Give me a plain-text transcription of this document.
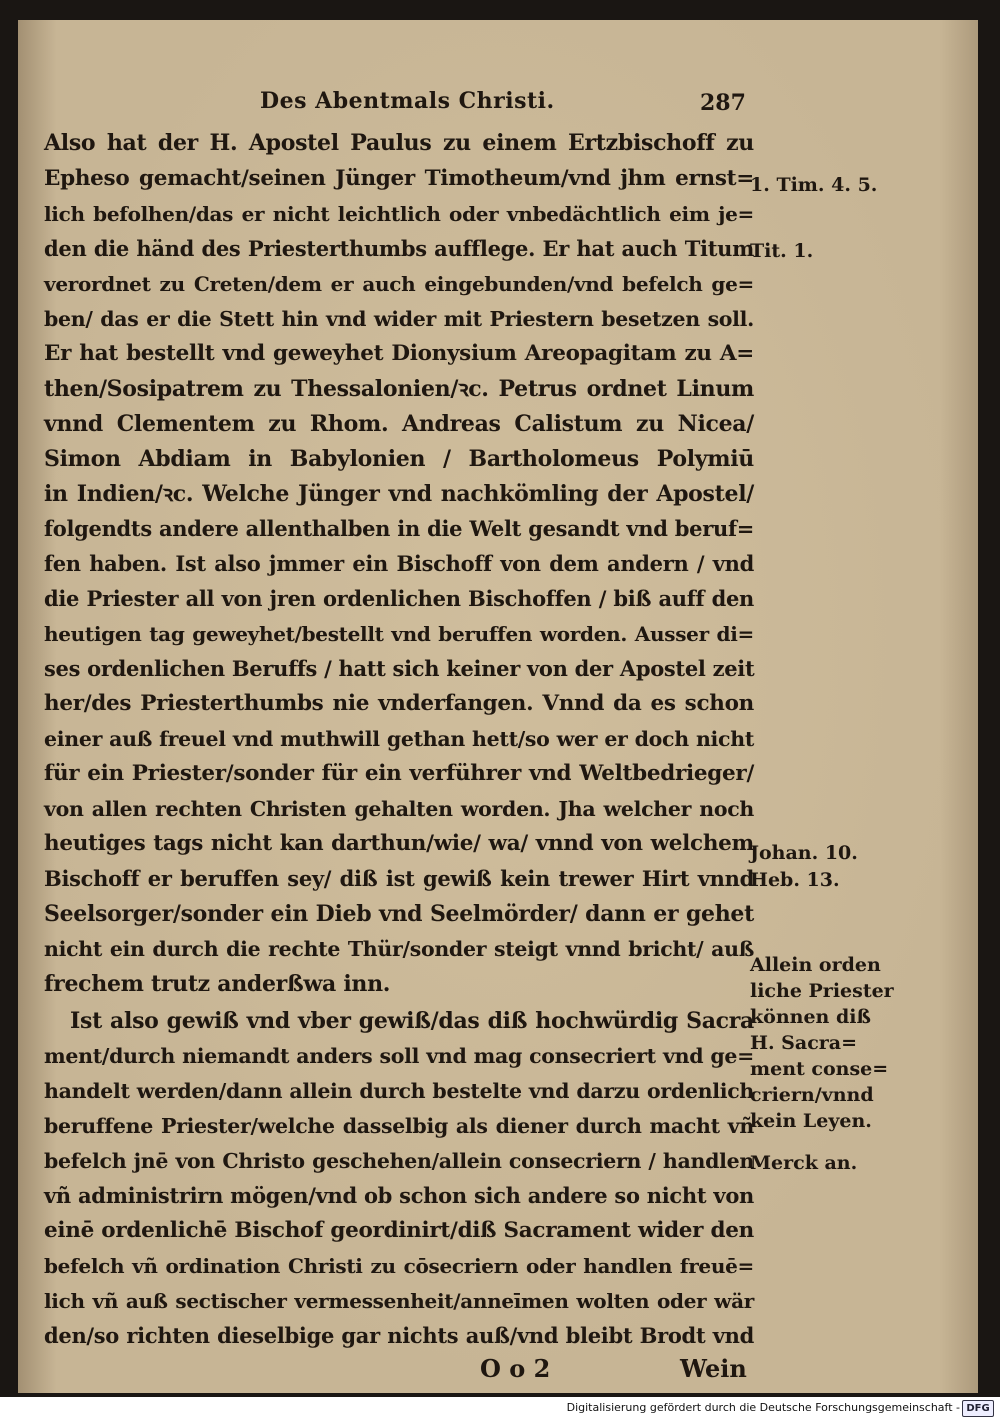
Des Abentmals Christi.	287
Also hat der H. Apostel Paulus zu einem Ertzbischoff zu
Epheso gemacht/seinen Jünger Timotheum/vnd jhm ernst=
lich befolhen/das er nicht leichtlich oder vnbedächtlich eim je=
den die händ des Priesterthumbs aufflege. Er hat auch Titum
verordnet zu Creten/dem er auch eingebunden/vnd befelch ge=
ben/ das er die Stett hin vnd wider mit Priestern besetzen soll.
Er hat bestellt vnd geweyhet Dionysium Areopagitam zu A=
then/Sosipatrem zu Thessalonien/ꝛc. Petrus ordnet Linum
vnnd Clementem zu Rhom. Andreas Calistum zu Nicea/
Simon Abdiam in Babylonien / Bartholomeus Polymiū
in Indien/ꝛc. Welche Jünger vnd nachkömling der Apostel/
folgendts andere allenthalben in die Welt gesandt vnd beruf=
fen haben. Ist also jmmer ein Bischoff von dem andern / vnd
die Priester all von jren ordenlichen Bischoffen / biß auff den
heutigen tag geweyhet/bestellt vnd beruffen worden. Ausser di=
ses ordenlichen Beruffs / hatt sich keiner von der Apostel zeit
her/des Priesterthumbs nie vnderfangen. Vnnd da es schon
einer auß freuel vnd muthwill gethan hett/so wer er doch nicht
für ein Priester/sonder für ein verführer vnd Weltbedrieger/
von allen rechten Christen gehalten worden. Jha welcher noch
heutiges tags nicht kan darthun/wie/ wa/ vnnd von welchem
Bischoff er beruffen sey/ diß ist gewiß kein trewer Hirt vnnd
Seelsorger/sonder ein Dieb vnd Seelmörder/ dann er gehet
nicht ein durch die rechte Thür/sonder steigt vnnd bricht/ auß
frechem trutz anderßwa inn.
Ist also gewiß vnd vber gewiß/das diß hochwürdig Sacra
ment/durch niemandt anders soll vnd mag consecriert vnd ge=
handelt werden/dann allein durch bestelte vnd darzu ordenlich
beruffene Priester/welche dasselbig als diener durch macht vñ
befelch jnē von Christo geschehen/allein consecriern / handlen
vñ administrirn mögen/vnd ob schon sich andere so nicht von
einē ordenlichē Bischof geordinirt/diß Sacrament wider den
befelch vñ ordination Christi zu cōsecriern oder handlen freuē=
lich vñ auß sectischer vermessenheit/anneīmen wolten oder wär
den/so richten dieselbige gar nichts auß/vnd bleibt Brodt vnd
1. Tim. 4. 5.
Tit. 1.
Johan. 10.
Heb. 13.
Allein orden
liche Priester
können diß
H. Sacra=
ment conse=
criern/vnnd
kein Leyen.
Merck an.
O o 2	Wein
Digitalisierung gefördert durch die Deutsche Forschungsgemeinschaft - DFG
